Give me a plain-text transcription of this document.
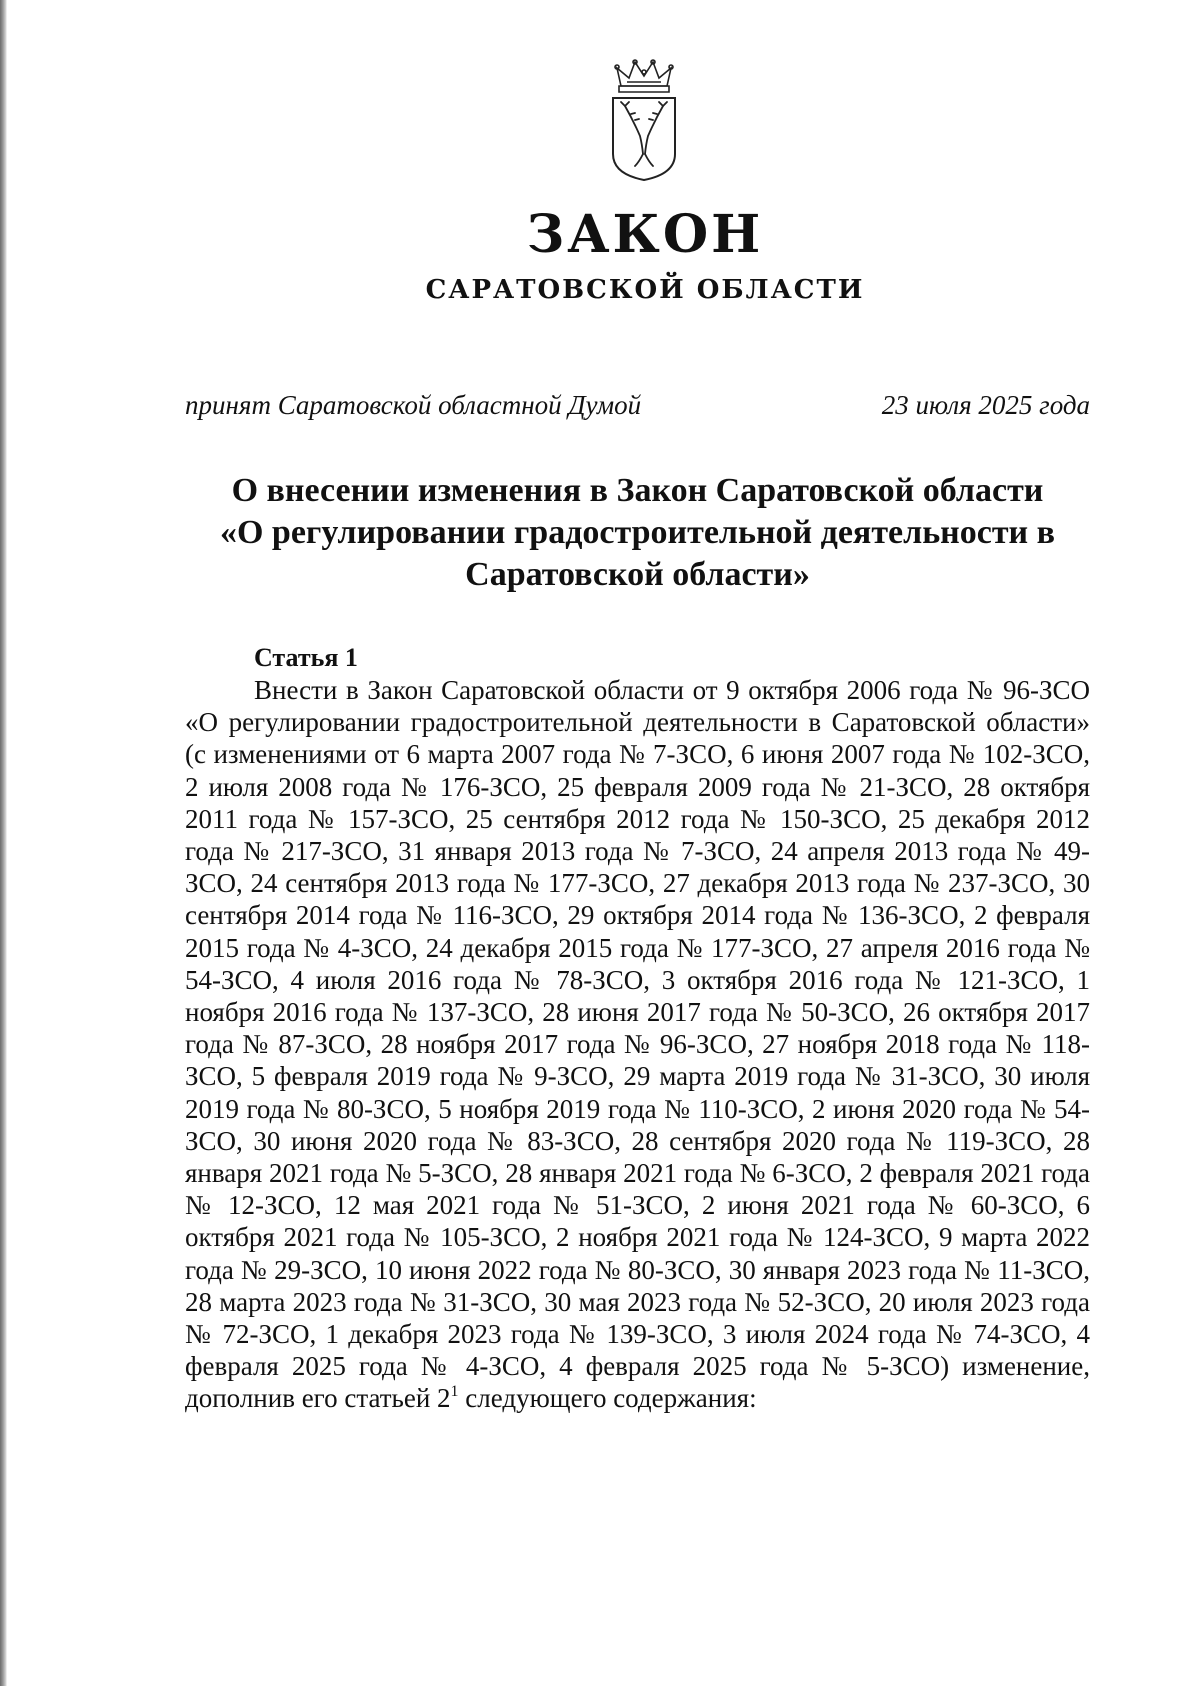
ЗАКОН
САРАТОВСКОЙ ОБЛАСТИ
принят Саратовской областной Думой	23 июля 2025 года
О внесении изменения в Закон Саратовской области
«О регулировании градостроительной деятельности в
Саратовской области»
Статья 1

Внести в Закон Саратовской области от 9 октября 2006 года № 96-ЗСО «О регулировании градостроительной деятельности в Саратовской области» (с изменениями от 6 марта 2007 года № 7-ЗСО, 6 июня 2007 года № 102-ЗСО, 2 июля 2008 года № 176-ЗСО, 25 февраля 2009 года № 21-ЗСО, 28 октября 2011 года № 157-ЗСО, 25 сентября 2012 года № 150-ЗСО, 25 декабря 2012 года № 217-ЗСО, 31 января 2013 года № 7-ЗСО, 24 апреля 2013 года № 49-ЗСО, 24 сентября 2013 года № 177-ЗСО, 27 декабря 2013 года № 237-ЗСО, 30 сентября 2014 года № 116-ЗСО, 29 октября 2014 года № 136-ЗСО, 2 февраля 2015 года № 4-ЗСО, 24 декабря 2015 года № 177-ЗСО, 27 апреля 2016 года № 54-ЗСО, 4 июля 2016 года № 78-ЗСО, 3 октября 2016 года № 121-ЗСО, 1 ноября 2016 года № 137-ЗСО, 28 июня 2017 года № 50-ЗСО, 26 октября 2017 года № 87-ЗСО, 28 ноября 2017 года № 96-ЗСО, 27 ноября 2018 года № 118-ЗСО, 5 февраля 2019 года № 9-ЗСО, 29 марта 2019 года № 31-ЗСО, 30 июля 2019 года № 80-ЗСО, 5 ноября 2019 года № 110-ЗСО, 2 июня 2020 года № 54-ЗСО, 30 июня 2020 года № 83-ЗСО, 28 сентября 2020 года № 119-ЗСО, 28 января 2021 года № 5-ЗСО, 28 января 2021 года № 6-ЗСО, 2 февраля 2021 года № 12-ЗСО, 12 мая 2021 года № 51-ЗСО, 2 июня 2021 года № 60-ЗСО, 6 октября 2021 года № 105-ЗСО, 2 ноября 2021 года № 124-ЗСО, 9 марта 2022 года № 29-ЗСО, 10 июня 2022 года № 80-ЗСО, 30 января 2023 года № 11-ЗСО, 28 марта 2023 года № 31-ЗСО, 30 мая 2023 года № 52-ЗСО, 20 июля 2023 года № 72-ЗСО, 1 декабря 2023 года № 139-ЗСО, 3 июля 2024 года № 74-ЗСО, 4 февраля 2025 года № 4-ЗСО, 4 февраля 2025 года № 5-ЗСО) изменение, дополнив его статьей $2^1$ следующего содержания:
